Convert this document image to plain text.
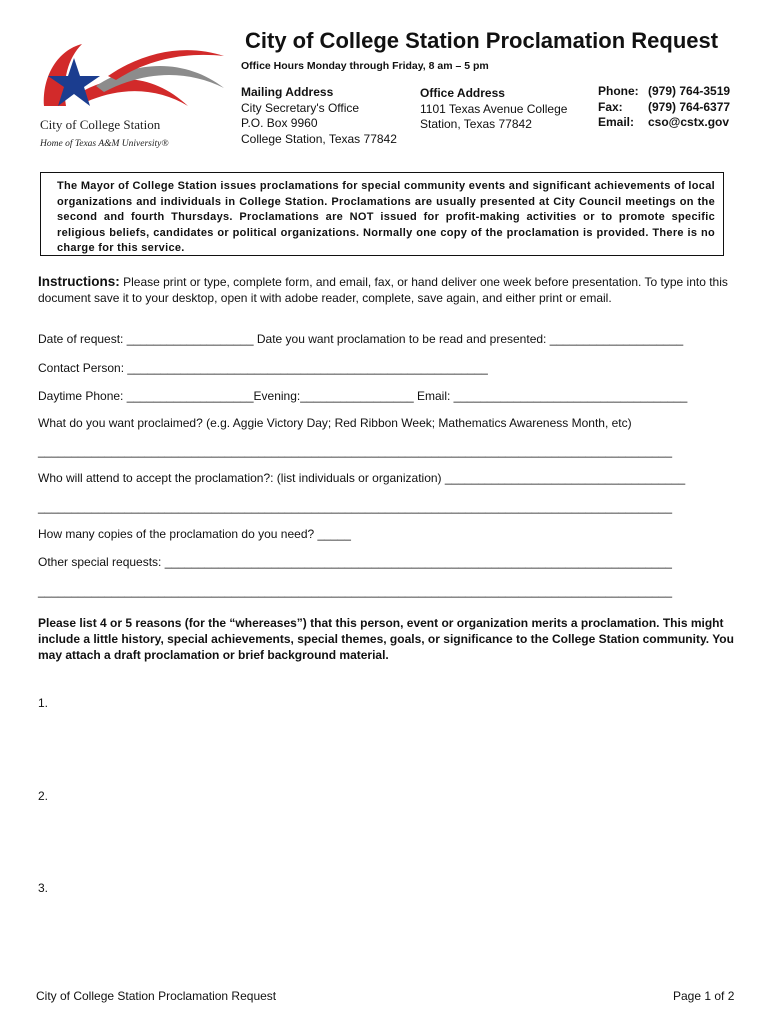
City of College Station
Home of Texas A&M University®
City of College Station Proclamation Request
Office Hours Monday through Friday, 8 am – 5 pm
Mailing Address
City Secretary's Office
P.O. Box 9960
College Station, Texas 77842
Office Address
1101 Texas Avenue College
Station, Texas 77842
Phone: (979) 764-3519
Fax:	(979) 764-6377
Email:	cso@cstx.gov
The Mayor of College Station issues proclamations for special community events and significant achievements of local organizations and individuals in College Station. Proclamations are usually presented at City Council meetings on the second and fourth Thursdays. Proclamations are NOT issued for profit-making activities or to promote specific religious beliefs, candidates or political organizations. Normally one copy of the proclamation is provided. There is no charge for this service.
Instructions: Please print or type, complete form, and email, fax, or hand deliver one week before presentation. To type into this document save it to your desktop, open it with adobe reader, complete, save again, and either print or email.
Date of request: ___________________ Date you want proclamation to be read and presented: ____________________
Contact Person: ______________________________________________________
Daytime Phone: ___________________Evening:_________________ Email: ___________________________________
What do you want proclaimed? (e.g. Aggie Victory Day; Red Ribbon Week; Mathematics Awareness Month, etc)
_______________________________________________________________________________________________
Who will attend to accept the proclamation?: (list individuals or organization) ____________________________________
_______________________________________________________________________________________________
How many copies of the proclamation do you need? _____
Other special requests: ____________________________________________________________________________
_______________________________________________________________________________________________
Please list 4 or 5 reasons (for the “whereases”) that this person, event or organization merits a proclamation. This might include a little history, special achievements, special themes, goals, or significance to the College Station community. You may attach a draft proclamation or brief background material.
1.
2.
3.
City of College Station Proclamation Request	Page 1 of 2
